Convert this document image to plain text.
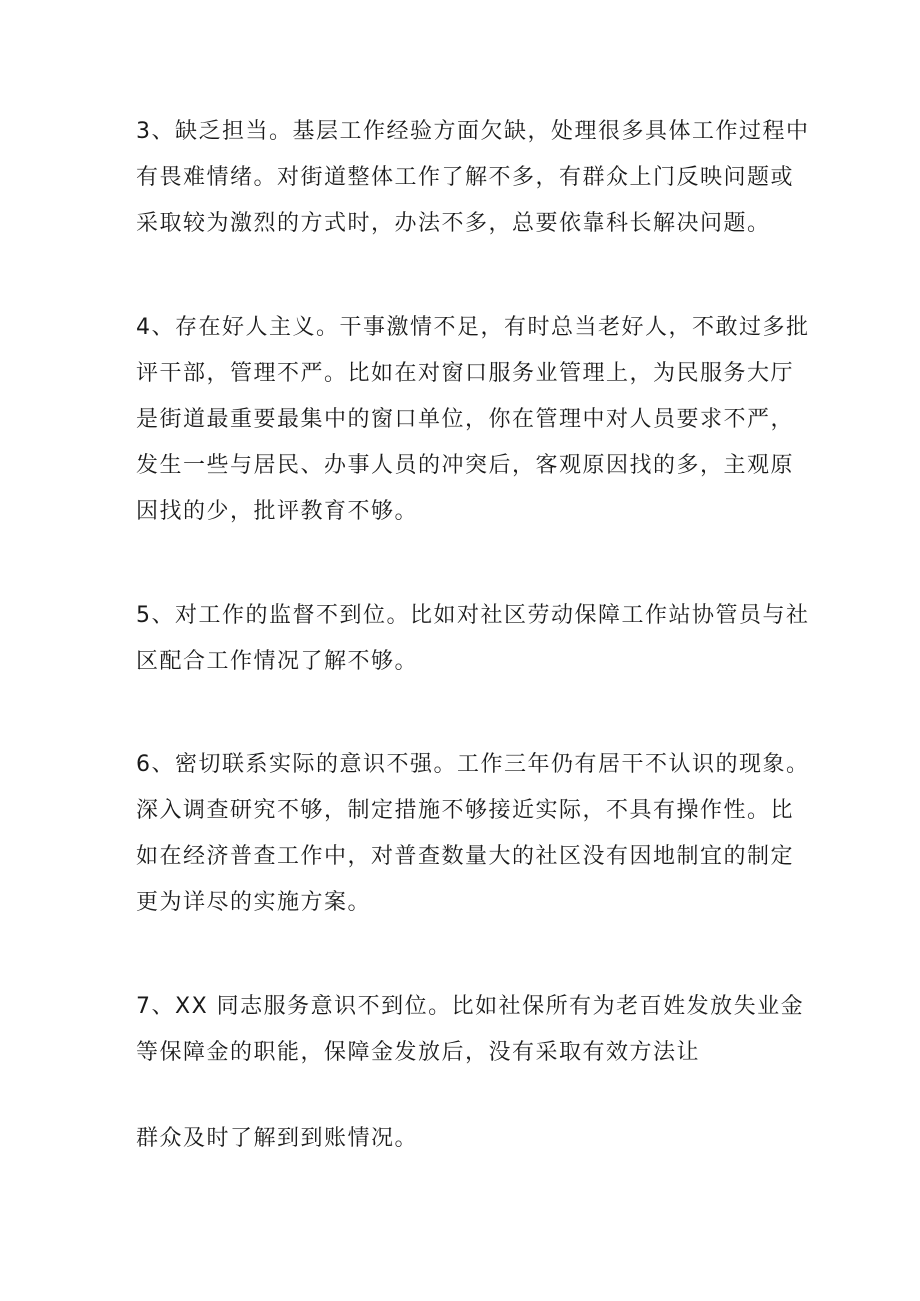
3、缺乏担当。基层工作经验方面欠缺，处理很多具体工作过程中
有畏难情绪。对街道整体工作了解不多，有群众上门反映问题或
采取较为激烈的方式时，办法不多，总要依靠科长解决问题。
4、存在好人主义。干事激情不足，有时总当老好人，不敢过多批
评干部，管理不严。比如在对窗口服务业管理上，为民服务大厅
是街道最重要最集中的窗口单位，你在管理中对人员要求不严，
发生一些与居民、办事人员的冲突后，客观原因找的多，主观原
因找的少，批评教育不够。
5、对工作的监督不到位。比如对社区劳动保障工作站协管员与社
区配合工作情况了解不够。
6、密切联系实际的意识不强。工作三年仍有居干不认识的现象。
深入调查研究不够，制定措施不够接近实际，不具有操作性。比
如在经济普查工作中，对普查数量大的社区没有因地制宜的制定
更为详尽的实施方案。
7、XX 同志服务意识不到位。比如社保所有为老百姓发放失业金
等保障金的职能，保障金发放后，没有采取有效方法让
群众及时了解到到账情况。
